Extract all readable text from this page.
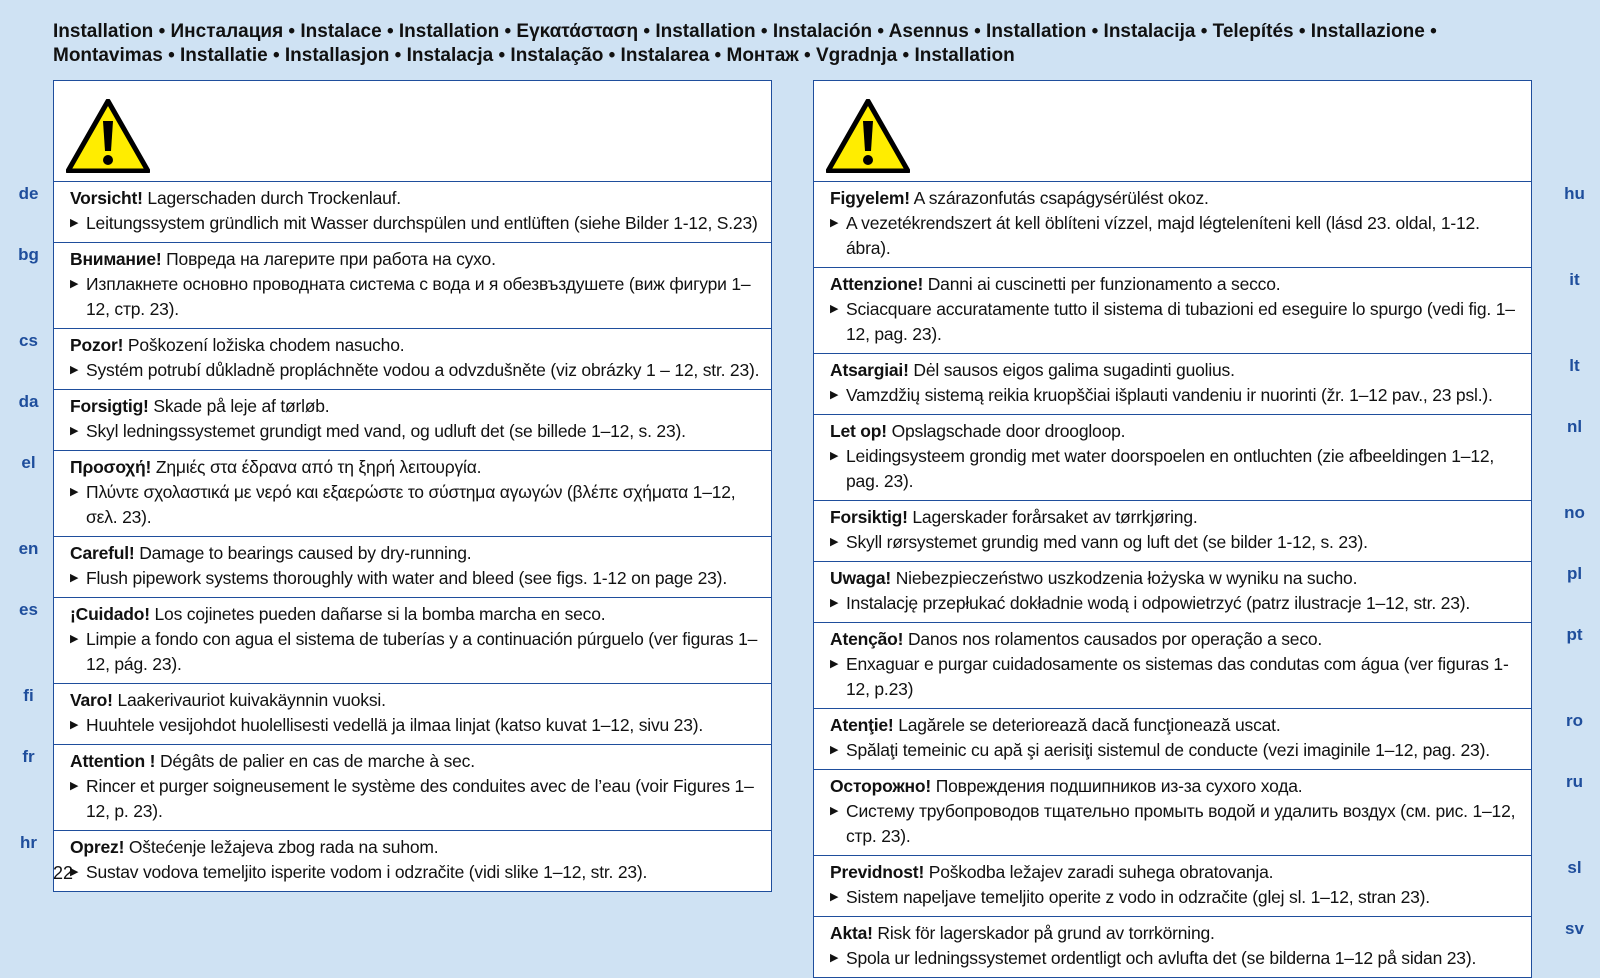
Installation • Инсталация • Instalace • Installation • Εγκατάσταση • Installation • Instalación • Asennus • Installation • Instalacija • Telepítés • Installazione •
Montavimas • Installatie • Installasjon • Instalacja • Instalação • Instalarea • Монтаж • Vgradnja • Installation
Vorsicht! Lagerschaden durch Trockenlauf.
▶ Leitungssystem gründlich mit Wasser durchspülen und entlüften (siehe Bilder 1-12, S.23)
Внимание! Повреда на лагерите при работа на сухо.
▶ Изплакнете основно проводната система с вода и я обезвъздушете (виж фигури 1–12, стр. 23).
Pozor! Poškození ložiska chodem nasucho.
▶ Systém potrubí důkladně propláchněte vodou a odvzdušněte (viz obrázky 1 – 12, str. 23).
Forsigtig! Skade på leje af tørløb.
▶ Skyl ledningssystemet grundigt med vand, og udluft det (se billede 1–12, s. 23).
Προσοχή! Ζημιές στα έδρανα από τη ξηρή λειτουργία.
▶ Πλύντε σχολαστικά με νερό και εξαερώστε το σύστημα αγωγών (βλέπε σχήματα 1–12, σελ. 23).
Careful! Damage to bearings caused by dry-running.
▶ Flush pipework systems thoroughly with water and bleed (see figs. 1-12 on page 23).
¡Cuidado! Los cojinetes pueden dañarse si la bomba marcha en seco.
▶ Limpie a fondo con agua el sistema de tuberías y a continuación púrguelo (ver figuras 1–12, pág. 23).
Varo! Laakerivauriot kuivakäynnin vuoksi.
▶ Huuhtele vesijohdot huolellisesti vedellä ja ilmaa linjat (katso kuvat 1–12, sivu 23).
Attention ! Dégâts de palier en cas de marche à sec.
▶ Rincer et purger soigneusement le système des conduites avec de l’eau (voir Figures 1–12, p. 23).
Oprez! Oštećenje ležajeva zbog rada na suhom.
▶ Sustav vodova temeljito isperite vodom i odzračite (vidi slike 1–12, str. 23).
Figyelem! A szárazonfutás csapágysérülést okoz.
▶ A vezetékrendszert át kell öblíteni vízzel, majd légteleníteni kell (lásd 23. oldal, 1-12. ábra).
Attenzione! Danni ai cuscinetti per funzionamento a secco.
▶ Sciacquare accuratamente tutto il sistema di tubazioni ed eseguire lo spurgo (vedi fig. 1–12, pag. 23).
Atsargiai! Dėl sausos eigos galima sugadinti guolius.
▶ Vamzdžių sistemą reikia kruopščiai išplauti vandeniu ir nuorinti (žr. 1–12 pav., 23 psl.).
Let op! Opslagschade door droogloop.
▶ Leidingsysteem grondig met water doorspoelen en ontluchten (zie afbeeldingen 1–12, pag. 23).
Forsiktig! Lagerskader forårsaket av tørrkjøring.
▶ Skyll rørsystemet grundig med vann og luft det (se bilder 1-12, s. 23).
Uwaga! Niebezpieczeństwo uszkodzenia łożyska w wyniku na sucho.
▶ Instalację przepłukać dokładnie wodą i odpowietrzyć (patrz ilustracje 1–12, str. 23).
Atenção! Danos nos rolamentos causados por operação a seco.
▶ Enxaguar e purgar cuidadosamente os sistemas das condutas com água (ver figuras 1-12, p.23)
Atenţie! Lagărele se deteriorează dacă funcţionează uscat.
▶ Spălaţi temeinic cu apă şi aerisiţi sistemul de conducte (vezi imaginile 1–12, pag. 23).
Осторожно! Повреждения подшипников из-за сухого хода.
▶ Систему трубопроводов тщательно промыть водой и удалить воздух (см. рис. 1–12, стр. 23).
Previdnost! Poškodba ležajev zaradi suhega obratovanja.
▶ Sistem napeljave temeljito operite z vodo in odzračite (glej sl. 1–12, stran 23).
Akta! Risk för lagerskador på grund av torrkörning.
▶ Spola ur ledningssystemet ordentligt och avlufta det (se bilderna 1–12 på sidan 23).
de
bg
cs
da
el
en
es
fi
fr
hr
hu
it
lt
nl
no
pl
pt
ro
ru
sl
sv
22
